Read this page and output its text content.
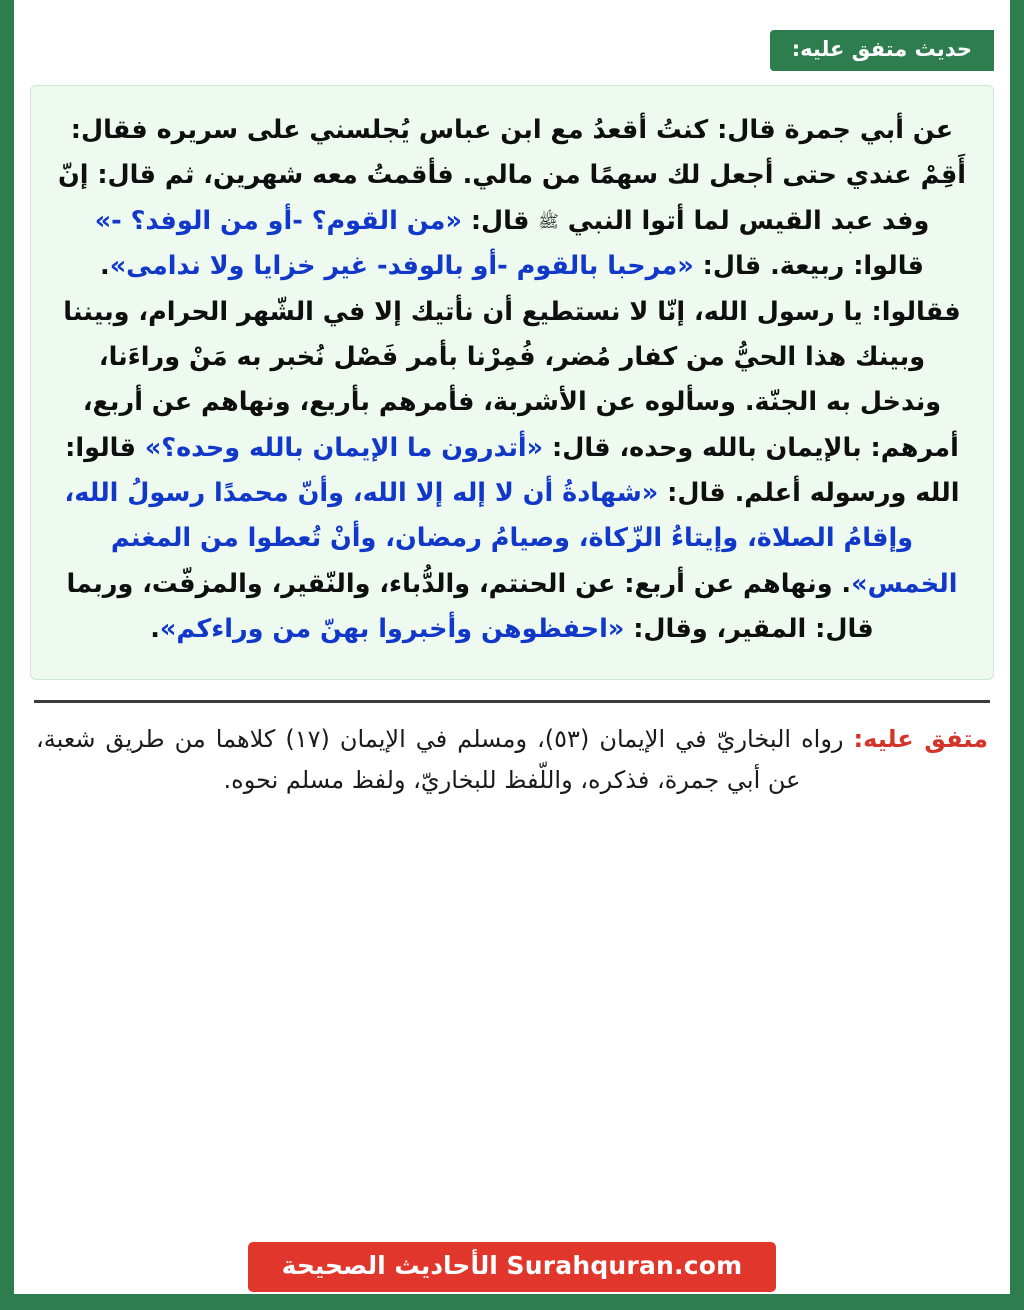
حديث متفق عليه:

عن أبي جمرة قال: كنتُ أقعدُ مع ابن عباس يُجلسني على سريره فقال: أَقِمْ عندي حتى أجعل لك سهمًا من مالي. فأقمتُ معه شهرين، ثم قال: إنّ وفد عبد القيس لما أتوا النبي ﷺ قال: «من القوم؟ -أو من الوفد؟ -» قالوا: ربيعة. قال: «مرحبا بالقوم -أو بالوفد- غير خزايا ولا ندامى». فقالوا: يا رسول الله، إنّا لا نستطيع أن نأتيك إلا في الشّهر الحرام، وبيننا وبينك هذا الحيُّ من كفار مُضر، فُمِرْنا بأمر فَصْل نُخبر به مَنْ وراءَنا، وندخل به الجنّة. وسألوه عن الأشربة، فأمرهم بأربع، ونهاهم عن أربع، أمرهم: بالإيمان بالله وحده، قال: «أتدرون ما الإيمان بالله وحده؟» قالوا: الله ورسوله أعلم. قال: «شهادةُ أن لا إله إلا الله، وأنّ محمدًا رسولُ الله، وإقامُ الصلاة، وإيتاءُ الزّكاة، وصيامُ رمضان، وأنْ تُعطوا من المغنم الخمس». ونهاهم عن أربع: عن الحنتم، والدُّباء، والنّقير، والمزفّت، وربما قال: المقير، وقال: «احفظوهن وأخبروا بهنّ من وراءكم».

متفق عليه: رواه البخاريّ في الإيمان (٥٣)، ومسلم في الإيمان (١٧) كلاهما من طريق شعبة، عن أبي جمرة، فذكره، واللّفظ للبخاريّ، ولفظ مسلم نحوه.
Surahquran.com الأحاديث الصحيحة
